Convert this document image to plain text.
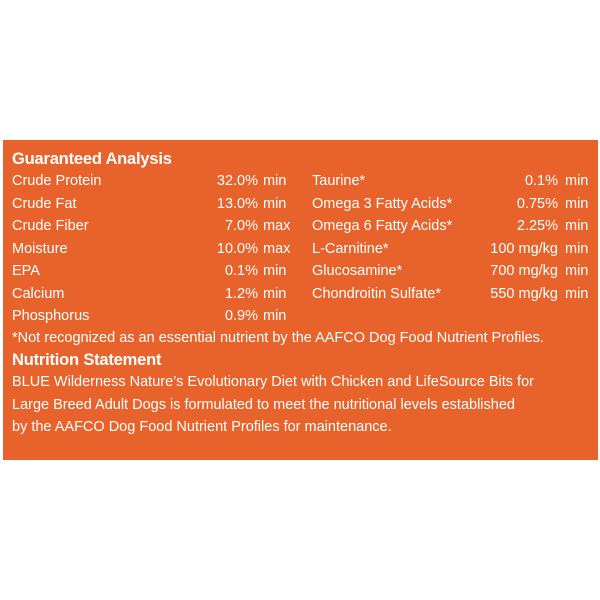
Guaranteed Analysis
Crude Protein	32.0% min
Crude Fat	13.0% min
Crude Fiber	7.0% max
Moisture	10.0% max
EPA	0.1% min
Calcium	1.2% min
Phosphorus	0.9% min
Taurine*	0.1% min
Omega 3 Fatty Acids*	0.75% min
Omega 6 Fatty Acids*	2.25% min
L-Carnitine*	100 mg/kg min
Glucosamine*	700 mg/kg min
Chondroitin Sulfate*	550 mg/kg min
*Not recognized as an essential nutrient by the AAFCO Dog Food Nutrient Profiles.
Nutrition Statement
BLUE Wilderness Nature’s Evolutionary Diet with Chicken and LifeSource Bits for
Large Breed Adult Dogs is formulated to meet the nutritional levels established
by the AAFCO Dog Food Nutrient Profiles for maintenance.
